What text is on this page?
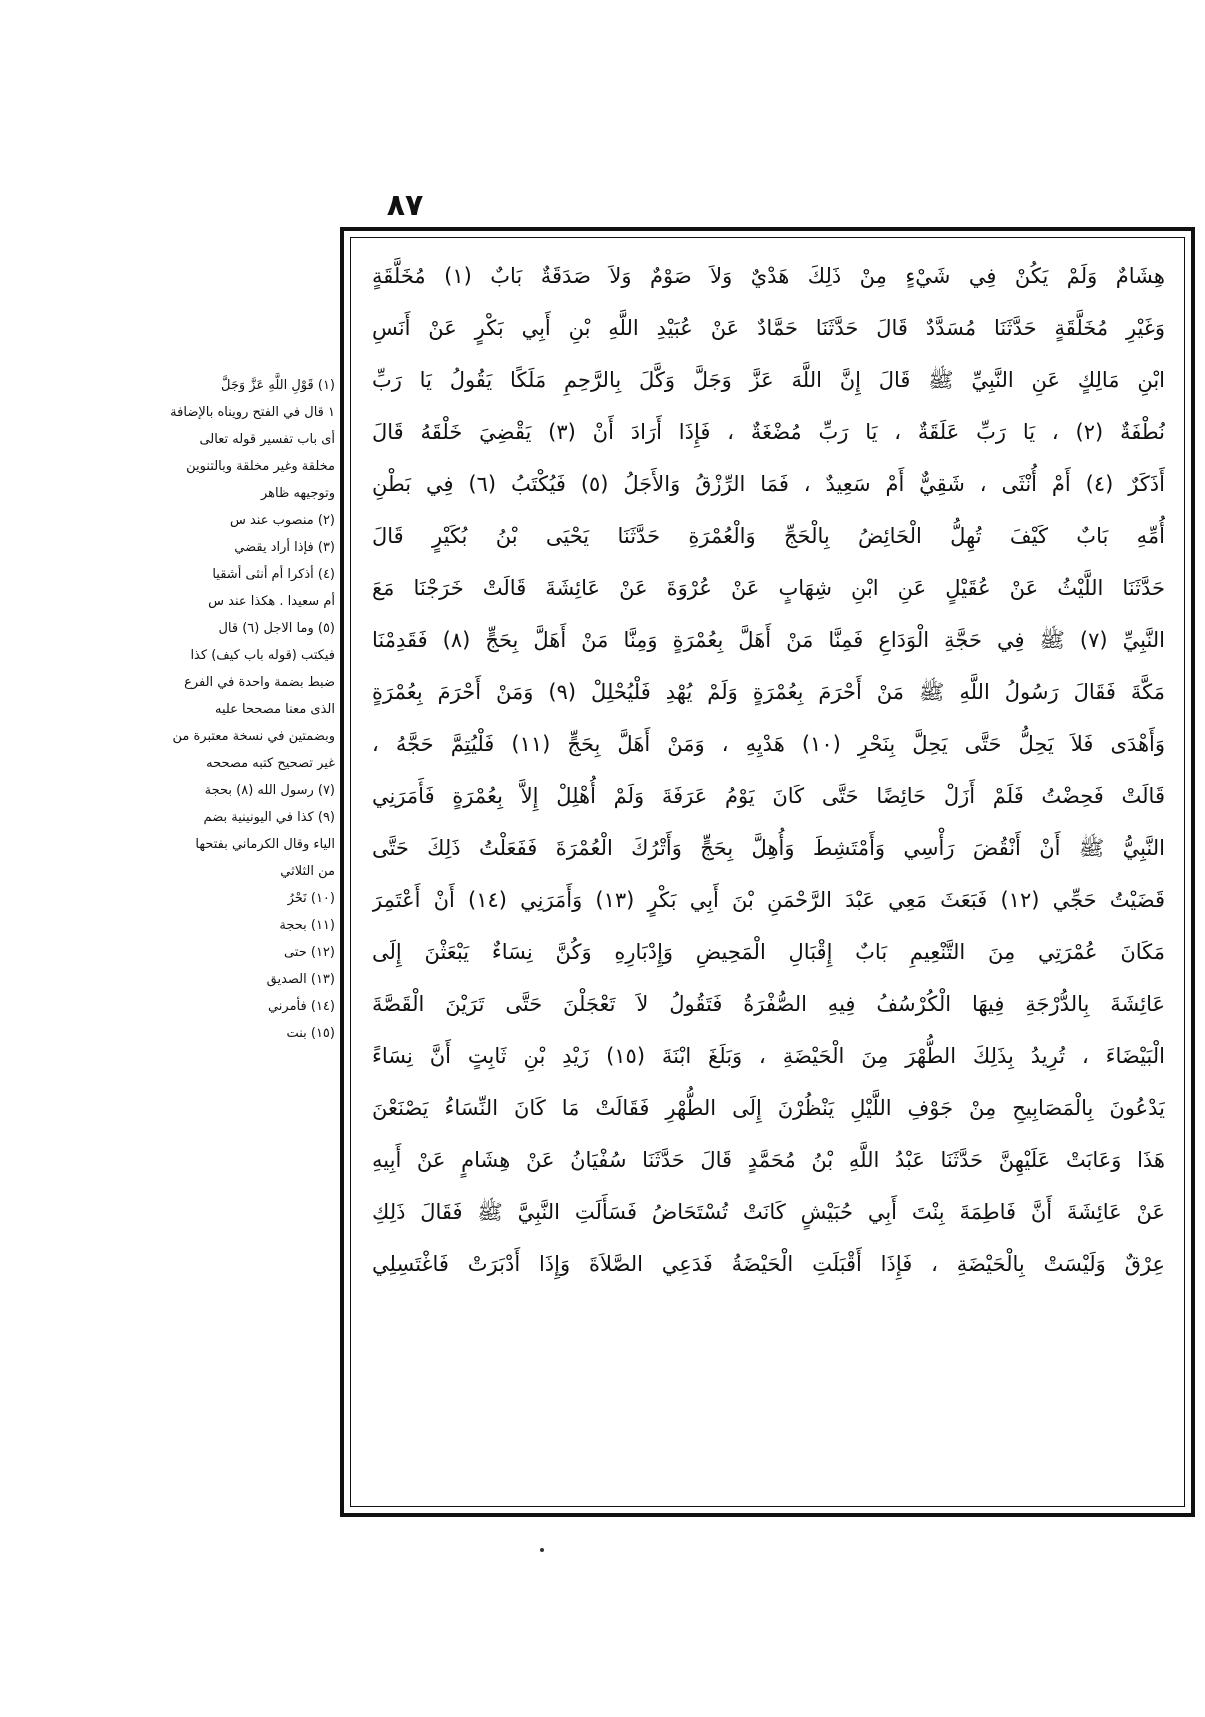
٨٧
هِشَامٌ وَلَمْ يَكُنْ فِي شَيْءٍ مِنْ ذَلِكَ هَدْيٌ وَلاَ صَوْمٌ وَلاَ صَدَقَةٌ بَابٌ (١) مُخَلَّقَةٍ
وَغَيْرِ مُخَلَّقَةٍ حَدَّثَنَا مُسَدَّدٌ قَالَ حَدَّثَنَا حَمَّادٌ عَنْ عُبَيْدِ اللَّهِ بْنِ أَبِي بَكْرٍ عَنْ أَنَسِ
ابْنِ مَالِكٍ عَنِ النَّبِيِّ ﷺ قَالَ إِنَّ اللَّهَ عَزَّ وَجَلَّ وَكَّلَ بِالرَّحِمِ مَلَكًا يَقُولُ يَا رَبِّ
نُطْفَةٌ (٢) ، يَا رَبِّ عَلَقَةٌ ، يَا رَبِّ مُضْغَةٌ ، فَإِذَا أَرَادَ أَنْ (٣) يَقْضِيَ خَلْقَهُ قَالَ
أَذَكَرٌ (٤) أَمْ أُنْثَى ، شَقِيٌّ أَمْ سَعِيدٌ ، فَمَا الرِّزْقُ وَالأَجَلُ (٥) فَيُكْتَبُ (٦) فِي بَطْنِ
أُمِّهِ بَابٌ كَيْفَ تُهِلُّ الْحَائِضُ بِالْحَجِّ وَالْعُمْرَةِ حَدَّثَنَا يَحْيَى بْنُ بُكَيْرٍ قَالَ
حَدَّثَنَا اللَّيْثُ عَنْ عُقَيْلٍ عَنِ ابْنِ شِهَابٍ عَنْ عُرْوَةَ عَنْ عَائِشَةَ قَالَتْ خَرَجْنَا مَعَ
النَّبِيِّ (٧) ﷺ فِي حَجَّةِ الْوَدَاعِ فَمِنَّا مَنْ أَهَلَّ بِعُمْرَةٍ وَمِنَّا مَنْ أَهَلَّ بِحَجٍّ (٨) فَقَدِمْنَا
مَكَّةَ فَقَالَ رَسُولُ اللَّهِ ﷺ مَنْ أَحْرَمَ بِعُمْرَةٍ وَلَمْ يُهْدِ فَلْيُحْلِلْ (٩) وَمَنْ أَحْرَمَ بِعُمْرَةٍ
وَأَهْدَى فَلاَ يَحِلُّ حَتَّى يَحِلَّ بِنَحْرِ (١٠) هَدْيِهِ ، وَمَنْ أَهَلَّ بِحَجٍّ (١١) فَلْيُتِمَّ حَجَّهُ ،
قَالَتْ فَحِضْتُ فَلَمْ أَزَلْ حَائِضًا حَتَّى كَانَ يَوْمُ عَرَفَةَ وَلَمْ أُهْلِلْ إِلاَّ بِعُمْرَةٍ فَأَمَرَنِي
النَّبِيُّ ﷺ أَنْ أَنْقُضَ رَأْسِي وَأَمْتَشِطَ وَأُهِلَّ بِحَجٍّ وَأَتْرُكَ الْعُمْرَةَ فَفَعَلْتُ ذَلِكَ حَتَّى
قَضَيْتُ حَجِّي (١٢) فَبَعَثَ مَعِي عَبْدَ الرَّحْمَنِ بْنَ أَبِي بَكْرٍ (١٣) وَأَمَرَنِي (١٤) أَنْ أَعْتَمِرَ
مَكَانَ عُمْرَتِي مِنَ التَّنْعِيمِ بَابٌ إِقْبَالِ الْمَحِيضِ وَإِدْبَارِهِ وَكُنَّ نِسَاءٌ يَبْعَثْنَ إِلَى
عَائِشَةَ بِالدُّرْجَةِ فِيهَا الْكُرْسُفُ فِيهِ الصُّفْرَةُ فَتَقُولُ لاَ تَعْجَلْنَ حَتَّى تَرَيْنَ الْقَصَّةَ
الْبَيْضَاءَ ، تُرِيدُ بِذَلِكَ الطُّهْرَ مِنَ الْحَيْضَةِ ، وَبَلَغَ ابْنَةَ (١٥) زَيْدِ بْنِ ثَابِتٍ أَنَّ نِسَاءً
يَدْعُونَ بِالْمَصَابِيحِ مِنْ جَوْفِ اللَّيْلِ يَنْظُرْنَ إِلَى الطُّهْرِ فَقَالَتْ مَا كَانَ النِّسَاءُ يَصْنَعْنَ
هَذَا وَعَابَتْ عَلَيْهِنَّ حَدَّثَنَا عَبْدُ اللَّهِ بْنُ مُحَمَّدٍ قَالَ حَدَّثَنَا سُفْيَانُ عَنْ هِشَامٍ عَنْ أَبِيهِ
عَنْ عَائِشَةَ أَنَّ فَاطِمَةَ بِنْتَ أَبِي حُبَيْشٍ كَانَتْ تُسْتَحَاضُ فَسَأَلَتِ النَّبِيَّ ﷺ فَقَالَ ذَلِكِ
عِرْقٌ وَلَيْسَتْ بِالْحَيْضَةِ ، فَإِذَا أَقْبَلَتِ الْحَيْضَةُ فَدَعِي الصَّلاَةَ وَإِذَا أَدْبَرَتْ فَاغْتَسِلِي
(١) قَوْلِ اللَّهِ عَزَّ وَجَلَّ
١ قال في الفتح رويناه بالإضافة
أى باب تفسير قوله تعالى
مخلقة وغير مخلقة وبالتنوين
وتوجيهه ظاهر
(٢) منصوب عند س
(٣) فإذا أراد يقضي
(٤) أذكرا أم أنثى أشقيا
أم سعيدا . هكذا عند س
(٥) وما الاجل (٦) قال
فيكتب (قوله باب كيف) كذا
ضبط بضمة واحدة في الفرع
الذى معنا مصححا عليه
وبضمتين في نسخة معتبرة من
غير تصحيح كتبه مصححه
(٧) رسول الله (٨) بحجة
(٩) كذا في اليونينية بضم
الياء وقال الكرماني بفتحها
من الثلاثي
(١٠) نَحْرُ
(١١) بحجة
(١٢) حتى
(١٣) الصديق
(١٤) فأمرني
(١٥) بنت
